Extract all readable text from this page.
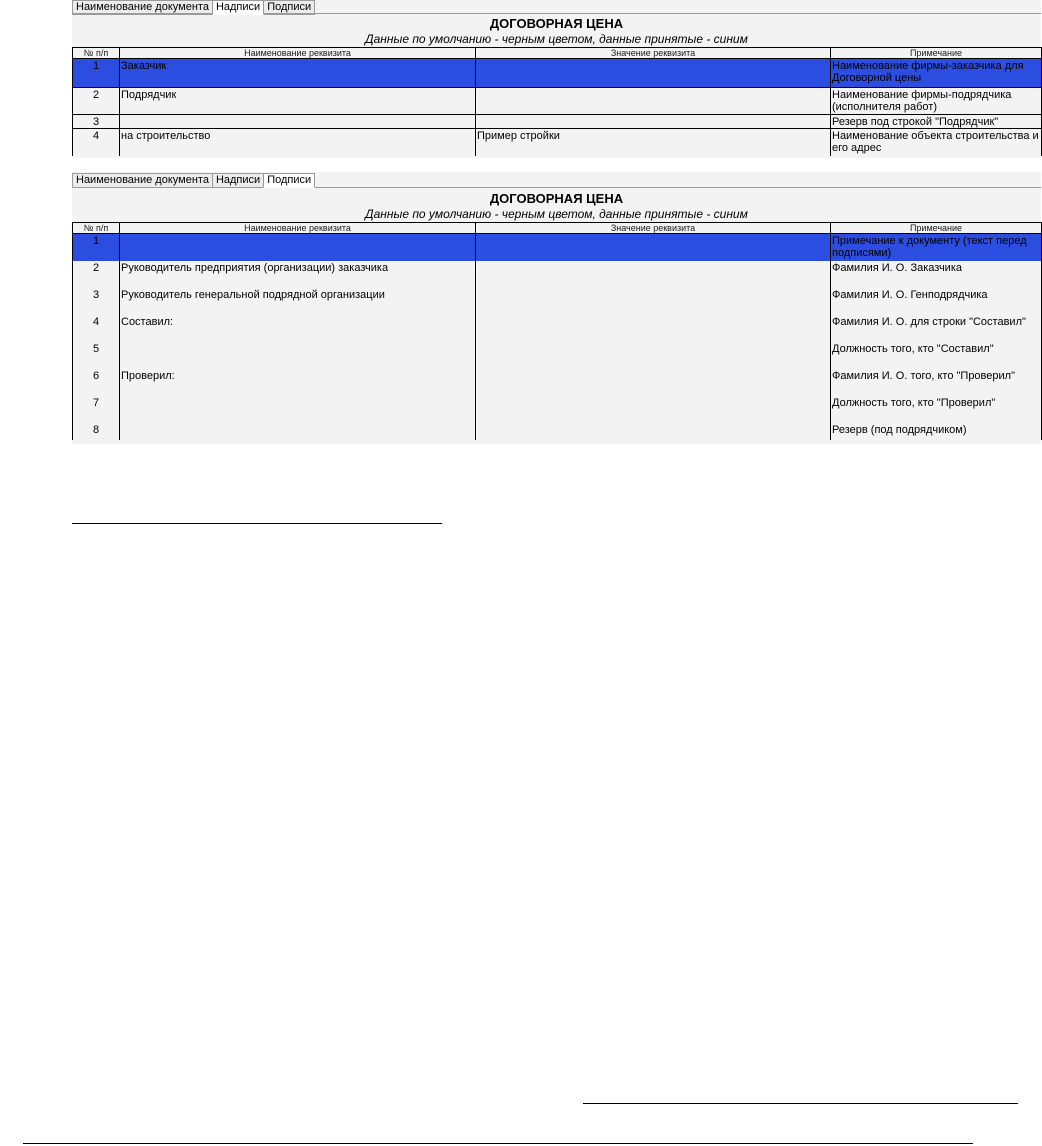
Наименование документа Надписи Подписи
ДОГОВОРНАЯ ЦЕНА
Данные по умолчанию - черным цветом, данные принятые - синим
№ п/п	Наименование реквизита	Значение реквизита	Примечание
1	Заказчик		Наименование фирмы-заказчика для Договорной цены
2	Подрядчик		Наименование фирмы-подрядчика (исполнителя работ)
3			Резерв под строкой "Подрядчик"
4	на строительство	Пример стройки	Наименование объекта строительства и его адрес
Наименование документа Надписи Подписи
ДОГОВОРНАЯ ЦЕНА
Данные по умолчанию - черным цветом, данные принятые - синим
№ п/п	Наименование реквизита	Значение реквизита	Примечание
1			Примечание к документу (текст перед подписями)
2	Руководитель предприятия (организации) заказчика		Фамилия И. О. Заказчика
3	Руководитель генеральной подрядной организации		Фамилия И. О. Генподрядчика
4	Составил:		Фамилия И. О. для строки "Составил"
5			Должность того, кто "Составил"
6	Проверил:		Фамилия И. О. того, кто "Проверил"
7			Должность того, кто "Проверил"
8			Резерв (под подрядчиком)
